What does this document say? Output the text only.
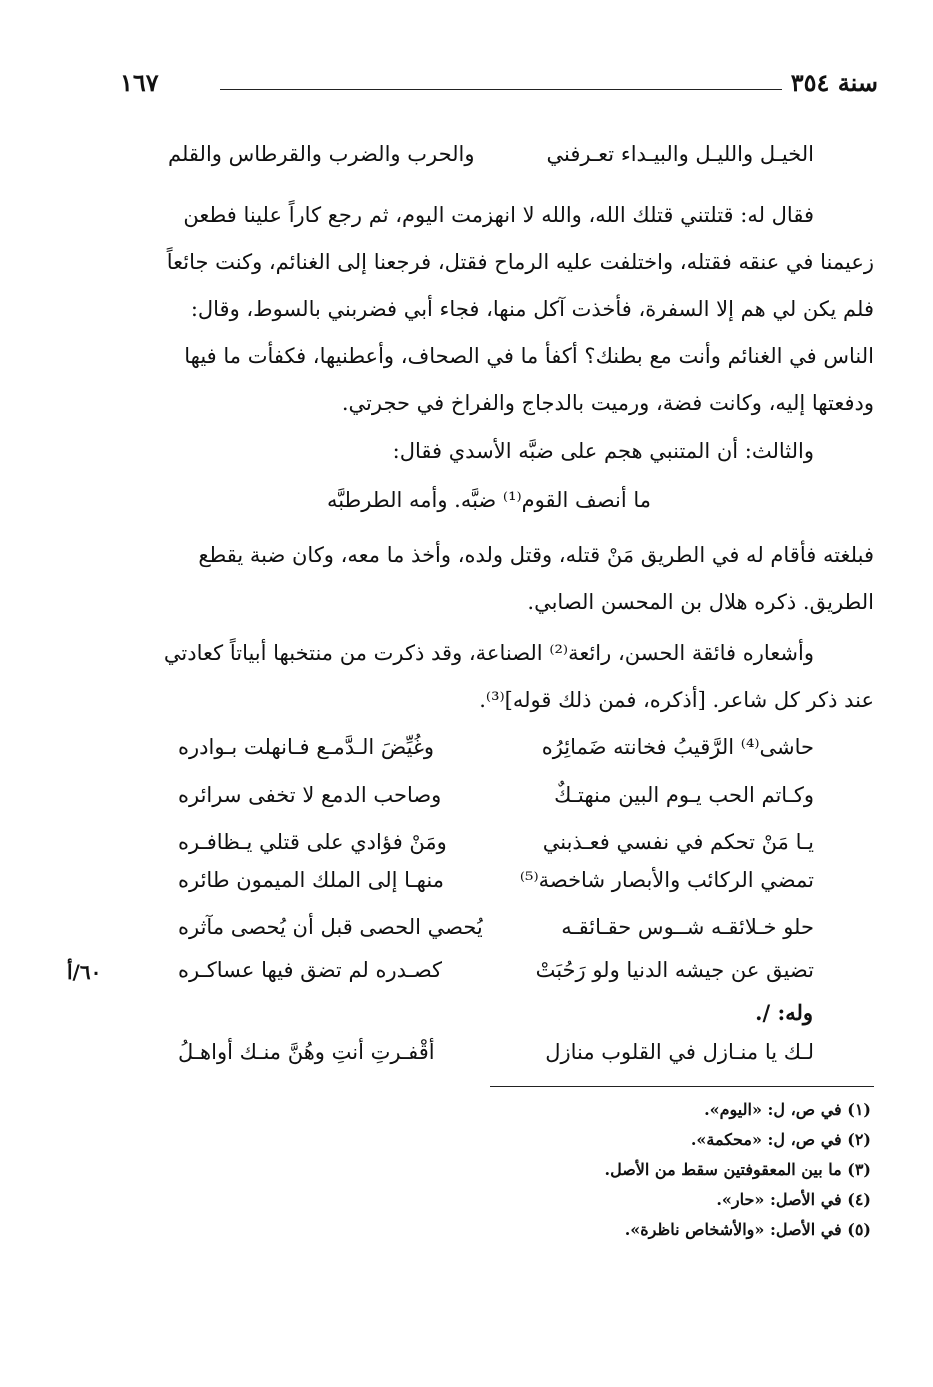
سنة ٣٥٤
١٦٧
الخيـل والليـل والبيـداء تعـرفني
والحرب والضرب والقرطاس والقلم

فقال له: قتلتني قتلك الله، والله لا انهزمت اليوم، ثم رجع كاراً علينا فطعن

زعيمنا في عنقه فقتله، واختلفت عليه الرماح فقتل، فرجعنا إلى الغنائم، وكنت جائعاً

فلم يكن لي هم إلا السفرة، فأخذت آكل منها، فجاء أبي فضربني بالسوط، وقال:

الناس في الغنائم وأنت مع بطنك؟ أكفأ ما في الصحاف، وأعطنيها، فكفأت ما فيها

ودفعتها إليه، وكانت فضة، ورميت بالدجاج والفراخ في حجرتي.

والثالث: أن المتنبي هجم على ضبَّه الأسدي فقال:

ما أنصف القوم⁽¹⁾ ضبَّه. وأمه الطرطبَّه

فبلغته فأقام له في الطريق مَنْ قتله، وقتل ولده، وأخذ ما معه، وكان ضبة يقطع

الطريق. ذكره هلال بن المحسن الصابي.

وأشعاره فائقة الحسن، رائعة⁽²⁾ الصناعة، وقد ذكرت من منتخبها أبياتاً كعادتي

عند ذكر كل شاعر. [أذكره، فمن ذلك قوله]⁽³⁾.

حاشى⁽⁴⁾ الرَّقيبُ فخانته ضَمائِرُه
وغُيِّضَ الـدَّمـع فـانهلت بـوادره
وكـاتم الحب يـوم البين منهتـكٌ
وصاحب الدمع لا تخفى سرائره
يـا مَنْ تحكم في نفسي فعـذبني
ومَنْ فؤادي على قتلي يـظافـره
تمضي الركائب والأبصار شاخصة⁽⁵⁾
منهـا إلى الملك الميمون طائره
حلو خـلائقـه شــوس حقـائقـه
يُحصي الحصى قبل أن يُحصى مآثره
تضيق عن جيشه الدنيا ولو رَحُبَتْ
كصـدره لم تضق فيها عساكـره
٦٠/أ
وله: /.
لـك يا منـازل في القلوب منازل
أقْفـرتِ أنتِ وهُنَّ منـك أواهـلُ
(١) في ص، ل: «اليوم».
(٢) في ص، ل: «محكمة».
(٣) ما بين المعقوفتين سقط من الأصل.
(٤) في الأصل: «حار».
(٥) في الأصل: «والأشخاص ناظرة».
